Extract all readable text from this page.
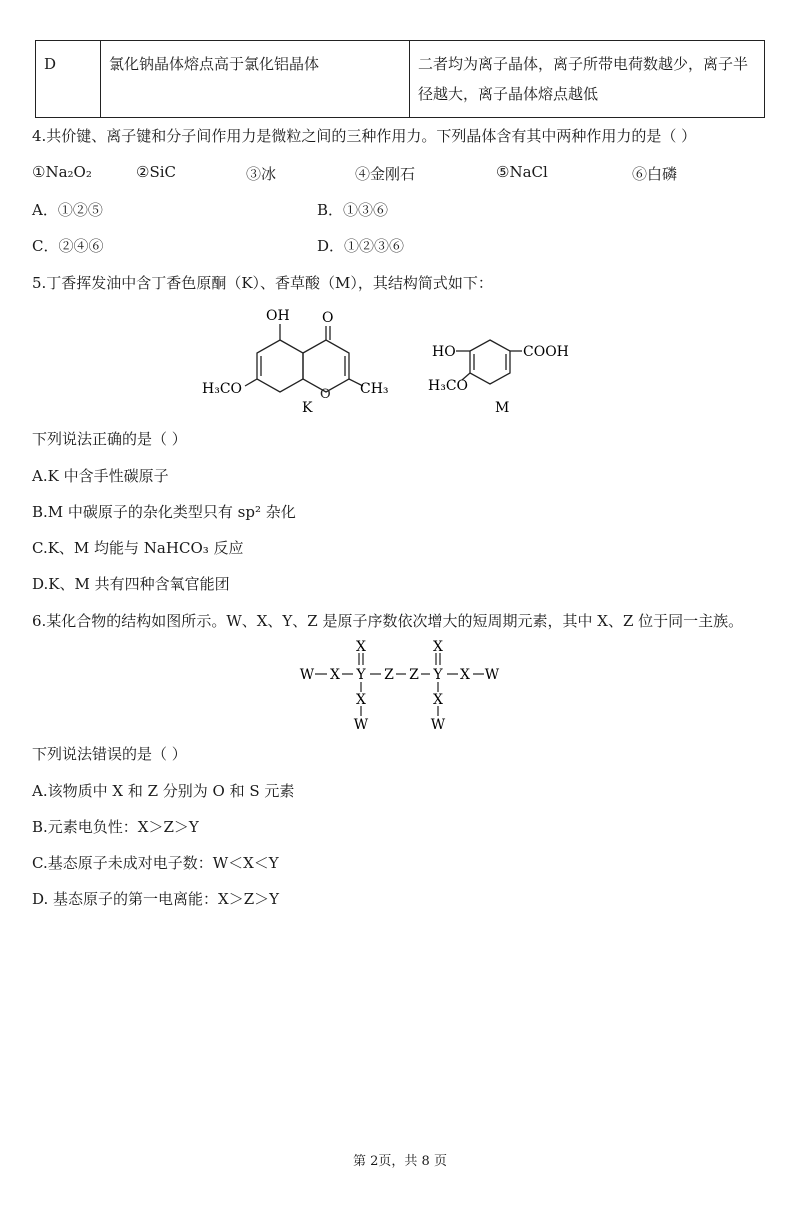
D	氯化钠晶体熔点高于氯化铝晶体	二者均为离子晶体，离子所带电荷数越少，离子半径越大，离子晶体熔点越低
4.共价键、离子键和分子间作用力是微粒之间的三种作用力。下列晶体含有其中两种作用力的是（ ）
①Na₂O₂	②SiC	③冰	④金刚石	⑤NaCl	⑥白磷
A．①②⑤	B．①③⑥
C．②④⑥	D．①②③⑥
5.丁香挥发油中含丁香色原酮（K）、香草酸（M），其结构简式如下：
OH O
O
H₃CO	CH₃
K
HO	COOH
H₃CO
M
下列说法正确的是（ ）
A.K 中含手性碳原子
B.M 中碳原子的杂化类型只有 sp² 杂化
C.K、M 均能与 NaHCO₃ 反应
D.K、M 共有四种含氧官能团
6.某化合物的结构如图所示。W、X、Y、Z 是原子序数依次增大的短周期元素，其中 X、Z 位于同一主族。
W X Y Z Z Y X W
X	X
X	X
W	W
下列说法错误的是（ ）
A.该物质中 X 和 Z 分别为 O 和 S 元素
B.元素电负性：X＞Z＞Y
C.基态原子未成对电子数：W＜X＜Y
D. 基态原子的第一电离能：X＞Z＞Y
第 2页，共 8 页
